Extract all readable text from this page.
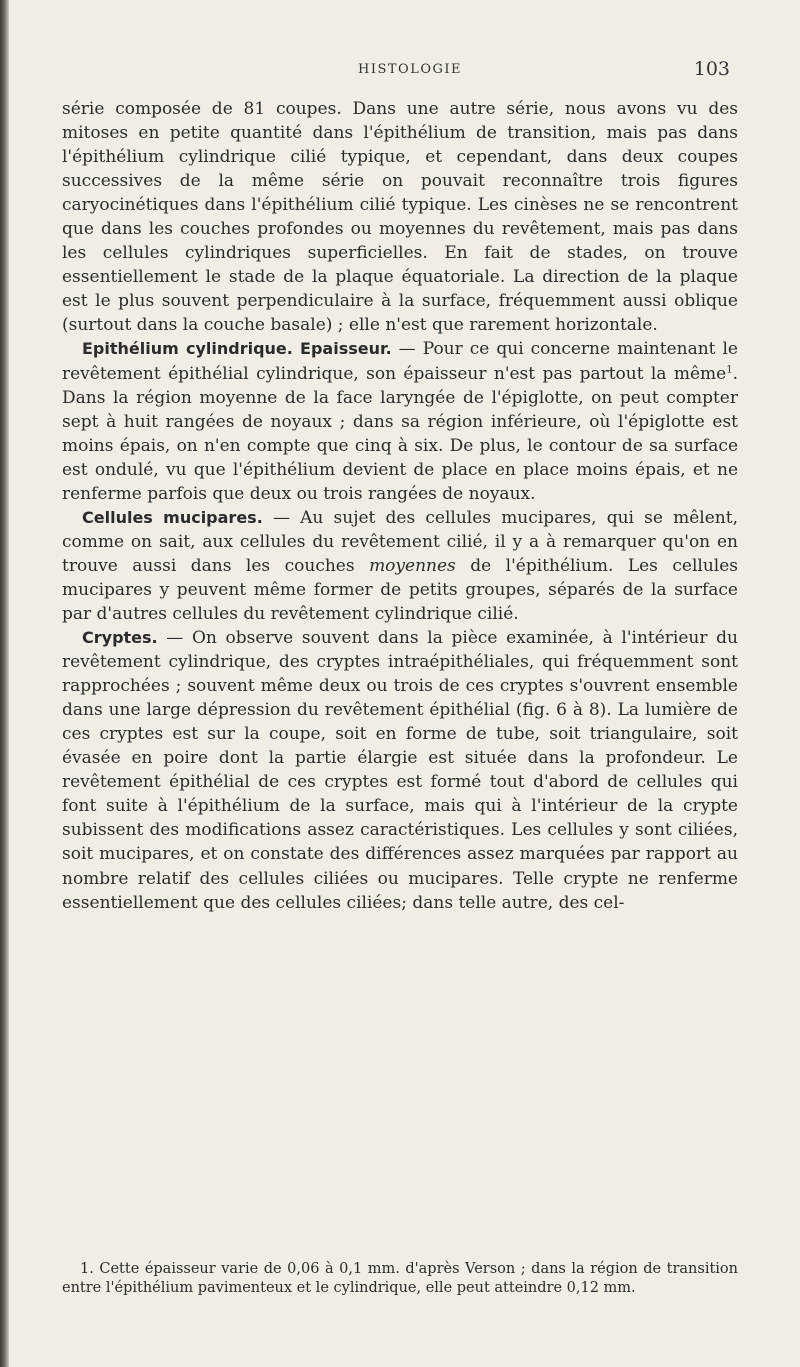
HISTOLOGIE	103

série composée de 81 coupes. Dans une autre série, nous avons vu des mitoses en petite quantité dans l'épithélium de transition, mais pas dans l'épithélium cylindrique cilié typique, et cependant, dans deux coupes successives de la même série on pouvait reconnaître trois figures caryocinétiques dans l'épithélium cilié typique. Les cinèses ne se rencontrent que dans les couches profondes ou moyennes du revêtement, mais pas dans les cellules cylindriques superficielles. En fait de stades, on trouve essentiellement le stade de la plaque équatoriale. La direction de la plaque est le plus souvent perpendiculaire à la surface, fréquemment aussi oblique (surtout dans la couche basale) ; elle n'est que rarement horizontale.

Epithélium cylindrique. Epaisseur. — Pour ce qui concerne maintenant le revêtement épithélial cylindrique, son épaisseur n'est pas partout la même$^1$. Dans la région moyenne de la face laryngée de l'épiglotte, on peut compter sept à huit rangées de noyaux ; dans sa région inférieure, où l'épiglotte est moins épais, on n'en compte que cinq à six. De plus, le contour de sa surface est ondulé, vu que l'épithélium devient de place en place moins épais, et ne renferme parfois que deux ou trois rangées de noyaux.

Cellules mucipares. — Au sujet des cellules mucipares, qui se mêlent, comme on sait, aux cellules du revêtement cilié, il y a à remarquer qu'on en trouve aussi dans les couches moyennes de l'épithélium. Les cellules mucipares y peuvent même former de petits groupes, séparés de la surface par d'autres cellules du revêtement cylindrique cilié.

Cryptes. — On observe souvent dans la pièce examinée, à l'intérieur du revêtement cylindrique, des cryptes intraépithéliales, qui fréquemment sont rapprochées ; souvent même deux ou trois de ces cryptes s'ouvrent ensemble dans une large dépression du revêtement épithélial (fig. 6 à 8). La lumière de ces cryptes est sur la coupe, soit en forme de tube, soit triangulaire, soit évasée en poire dont la partie élargie est située dans la profondeur. Le revêtement épithélial de ces cryptes est formé tout d'abord de cellules qui font suite à l'épithélium de la surface, mais qui à l'intérieur de la crypte subissent des modifications assez caractéristiques. Les cellules y sont ciliées, soit mucipares, et on constate des différences assez marquées par rapport au nombre relatif des cellules ciliées ou mucipares. Telle crypte ne renferme essentiellement que des cellules ciliées; dans telle autre, des cel-

1. Cette épaisseur varie de 0,06 à 0,1 mm. d'après Verson ; dans la région de transition entre l'épithélium pavimenteux et le cylindrique, elle peut atteindre 0,12 mm.
